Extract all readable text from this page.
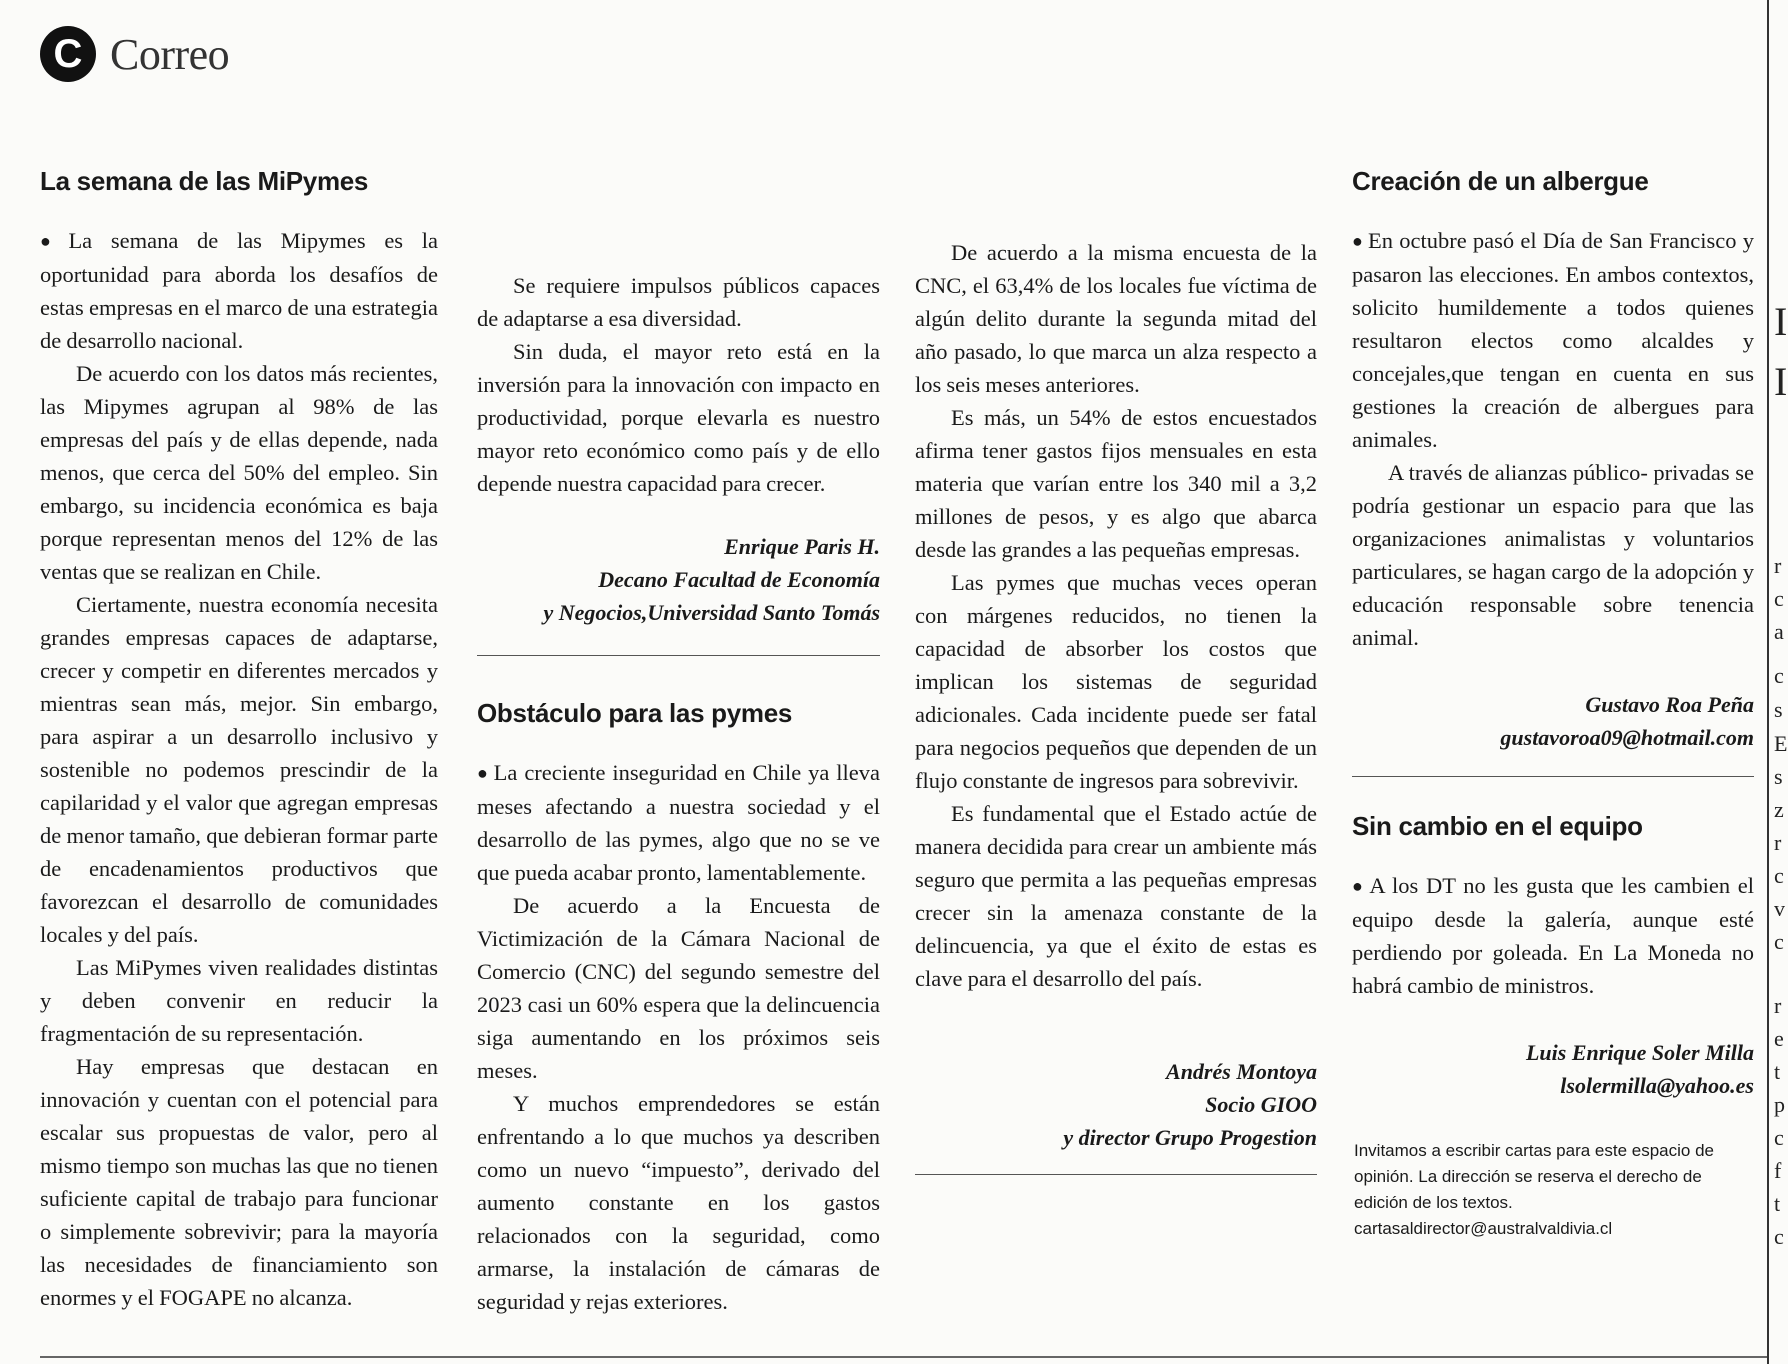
C Correo
La semana de las MiPymes

● La semana de las Mipymes es la oportunidad para aborda los desafíos de estas empresas en el marco de una estrategia de desarrollo nacional.

De acuerdo con los datos más recientes, las Mipymes agrupan al 98% de las empresas del país y de ellas depende, nada menos, que cerca del 50% del empleo. Sin embargo, su incidencia económica es baja porque representan menos del 12% de las ventas que se realizan en Chile.

Ciertamente, nuestra economía necesita grandes empresas capaces de adaptarse, crecer y competir en diferentes mercados y mientras sean más, mejor. Sin embargo, para aspirar a un desarrollo inclusivo y sostenible no podemos prescindir de la capilaridad y el valor que agregan empresas de menor tamaño, que debieran formar parte de encadenamientos productivos que favorezcan el desarrollo de comunidades locales y del país.

Las MiPymes viven realidades distintas y deben convenir en reducir la fragmentación de su representación.

Hay empresas que destacan en innovación y cuentan con el potencial para escalar sus propuestas de valor, pero al mismo tiempo son muchas las que no tienen suficiente capital de trabajo para funcionar o simplemente sobrevivir; para la mayoría las necesidades de financiamiento son enormes y el FOGAPE no alcanza.

Se requiere impulsos públicos capaces de adaptarse a esa diversidad.

Sin duda, el mayor reto está en la inversión para la innovación con impacto en productividad, porque elevarla es nuestro mayor reto económico como país y de ello depende nuestra capacidad para crecer.

Enrique Paris H.
Decano Facultad de Economía
y Negocios,Universidad Santo Tomás
Obstáculo para las pymes

● La creciente inseguridad en Chile ya lleva meses afectando a nuestra sociedad y el desarrollo de las pymes, algo que no se ve que pueda acabar pronto, lamentablemente.

De acuerdo a la Encuesta de Victimización de la Cámara Nacional de Comercio (CNC) del segundo semestre del 2023 casi un 60% espera que la delincuencia siga aumentando en los próximos seis meses.

Y muchos emprendedores se están enfrentando a lo que muchos ya describen como un nuevo “impuesto”, derivado del aumento constante en los gastos relacionados con la seguridad, como armarse, la instalación de cámaras de seguridad y rejas exteriores.

De acuerdo a la misma encuesta de la CNC, el 63,4% de los locales fue víctima de algún delito durante la segunda mitad del año pasado, lo que marca un alza respecto a los seis meses anteriores.

Es más, un 54% de estos encuestados afirma tener gastos fijos mensuales en esta materia que varían entre los 340 mil a 3,2 millones de pesos, y es algo que abarca desde las grandes a las pequeñas empresas.

Las pymes que muchas veces operan con márgenes reducidos, no tienen la capacidad de absorber los costos que implican los sistemas de seguridad adicionales. Cada incidente puede ser fatal para negocios pequeños que dependen de un flujo constante de ingresos para sobrevivir.

Es fundamental que el Estado actúe de manera decidida para crear un ambiente más seguro que permita a las pequeñas empresas crecer sin la amenaza constante de la delincuencia, ya que el éxito de estas es clave para el desarrollo del país.

Andrés Montoya
Socio GIOO
y director Grupo Progestion
Creación de un albergue

● En octubre pasó el Día de San Francisco y pasaron las elecciones. En ambos contextos, solicito humildemente a todos quienes resultaron electos como alcaldes y concejales,que tengan en cuenta en sus gestiones la creación de albergues para animales.

A través de alianzas público- privadas se podría gestionar un espacio para que las organizaciones animalistas y voluntarios particulares, se hagan cargo de la adopción y educación responsable sobre tenencia animal.

Gustavo Roa Peña
gustavoroa09@hotmail.com
Sin cambio en el equipo

● A los DT no les gusta que les cambien el equipo desde la galería, aunque esté perdiendo por goleada. En La Moneda no habrá cambio de ministros.

Luis Enrique Soler Milla
lsolermilla@yahoo.es
Invitamos a escribir cartas para este espacio de opinión. La dirección se reserva el derecho de edición de los textos.
cartasaldirector@australvaldivia.cl
I
I
r
c
a
c
s
E
s
z
r
c
v
c
r
e
t
p
c
f
t
c
